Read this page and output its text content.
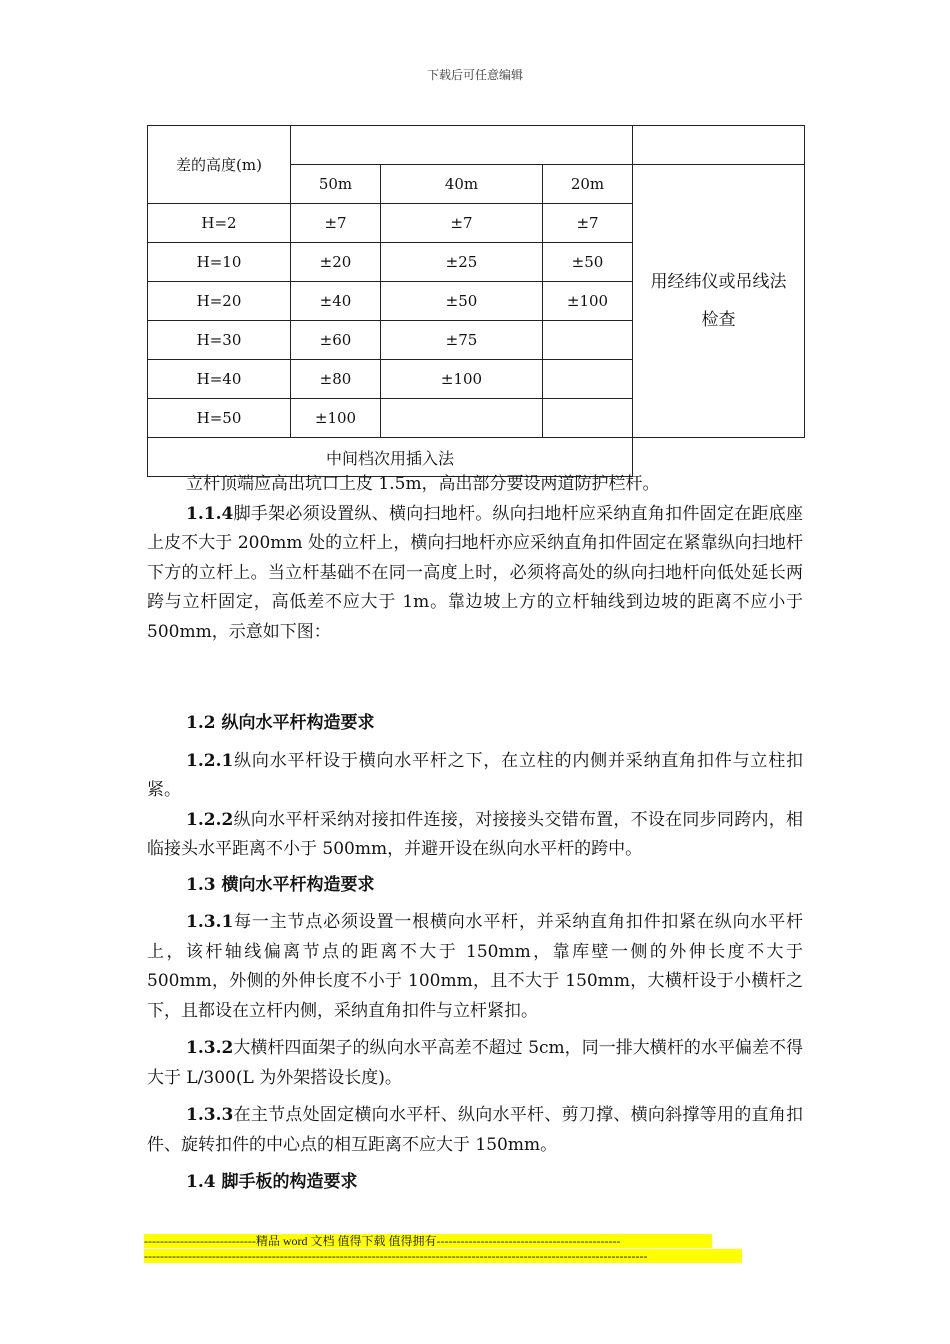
下载后可任意编辑
差的高度(m)				
	50m	40m	20m	用经纬仪或吊线法
检查

H=2	±7	±7	±7	
H=10	±20	±25	±50	
H=20	±40	±50	±100	
H=30	±60	±75		
H=40	±80	±100		
H=50	±100			
中间档次用插入法				

立杆顶端应高出坑口上皮 1.5m，高出部分要设两道防护栏杆。

1.1.4脚手架必须设置纵、横向扫地杆。纵向扫地杆应采纳直角扣件固定在距底座上皮不大于 200mm 处的立杆上，横向扫地杆亦应采纳直角扣件固定在紧靠纵向扫地杆下方的立杆上。当立杆基础不在同一高度上时，必须将高处的纵向扫地杆向低处延长两跨与立杆固定，高低差不应大于 1m。靠边坡上方的立杆轴线到边坡的距离不应小于 500mm，示意如下图：

1.2 纵向水平杆构造要求

1.2.1纵向水平杆设于横向水平杆之下，在立柱的内侧并采纳直角扣件与立柱扣紧。

1.2.2纵向水平杆采纳对接扣件连接，对接接头交错布置，不设在同步同跨内，相临接头水平距离不小于 500mm，并避开设在纵向水平杆的跨中。

1.3 横向水平杆构造要求

1.3.1每一主节点必须设置一根横向水平杆，并采纳直角扣件扣紧在纵向水平杆上，该杆轴线偏离节点的距离不大于 150mm，靠库壁一侧的外伸长度不大于 500mm，外侧的外伸长度不小于 100mm，且不大于 150mm，大横杆设于小横杆之下，且都设在立杆内侧，采纳直角扣件与立杆紧扣。

1.3.2大横杆四面架子的纵向水平高差不超过 5cm，同一排大横杆的水平偏差不得大于 L/300(L 为外架搭设长度)。

1.3.3在主节点处固定横向水平杆、纵向水平杆、剪刀撑、横向斜撑等用的直角扣件、旋转扣件的中心点的相互距离不应大于 150mm。

1.4 脚手板的构造要求

----------------------------精品 word 文档 值得下载 值得拥有----------------------------------------------
------------------------------------------------------------------------------------------------------------------------------
